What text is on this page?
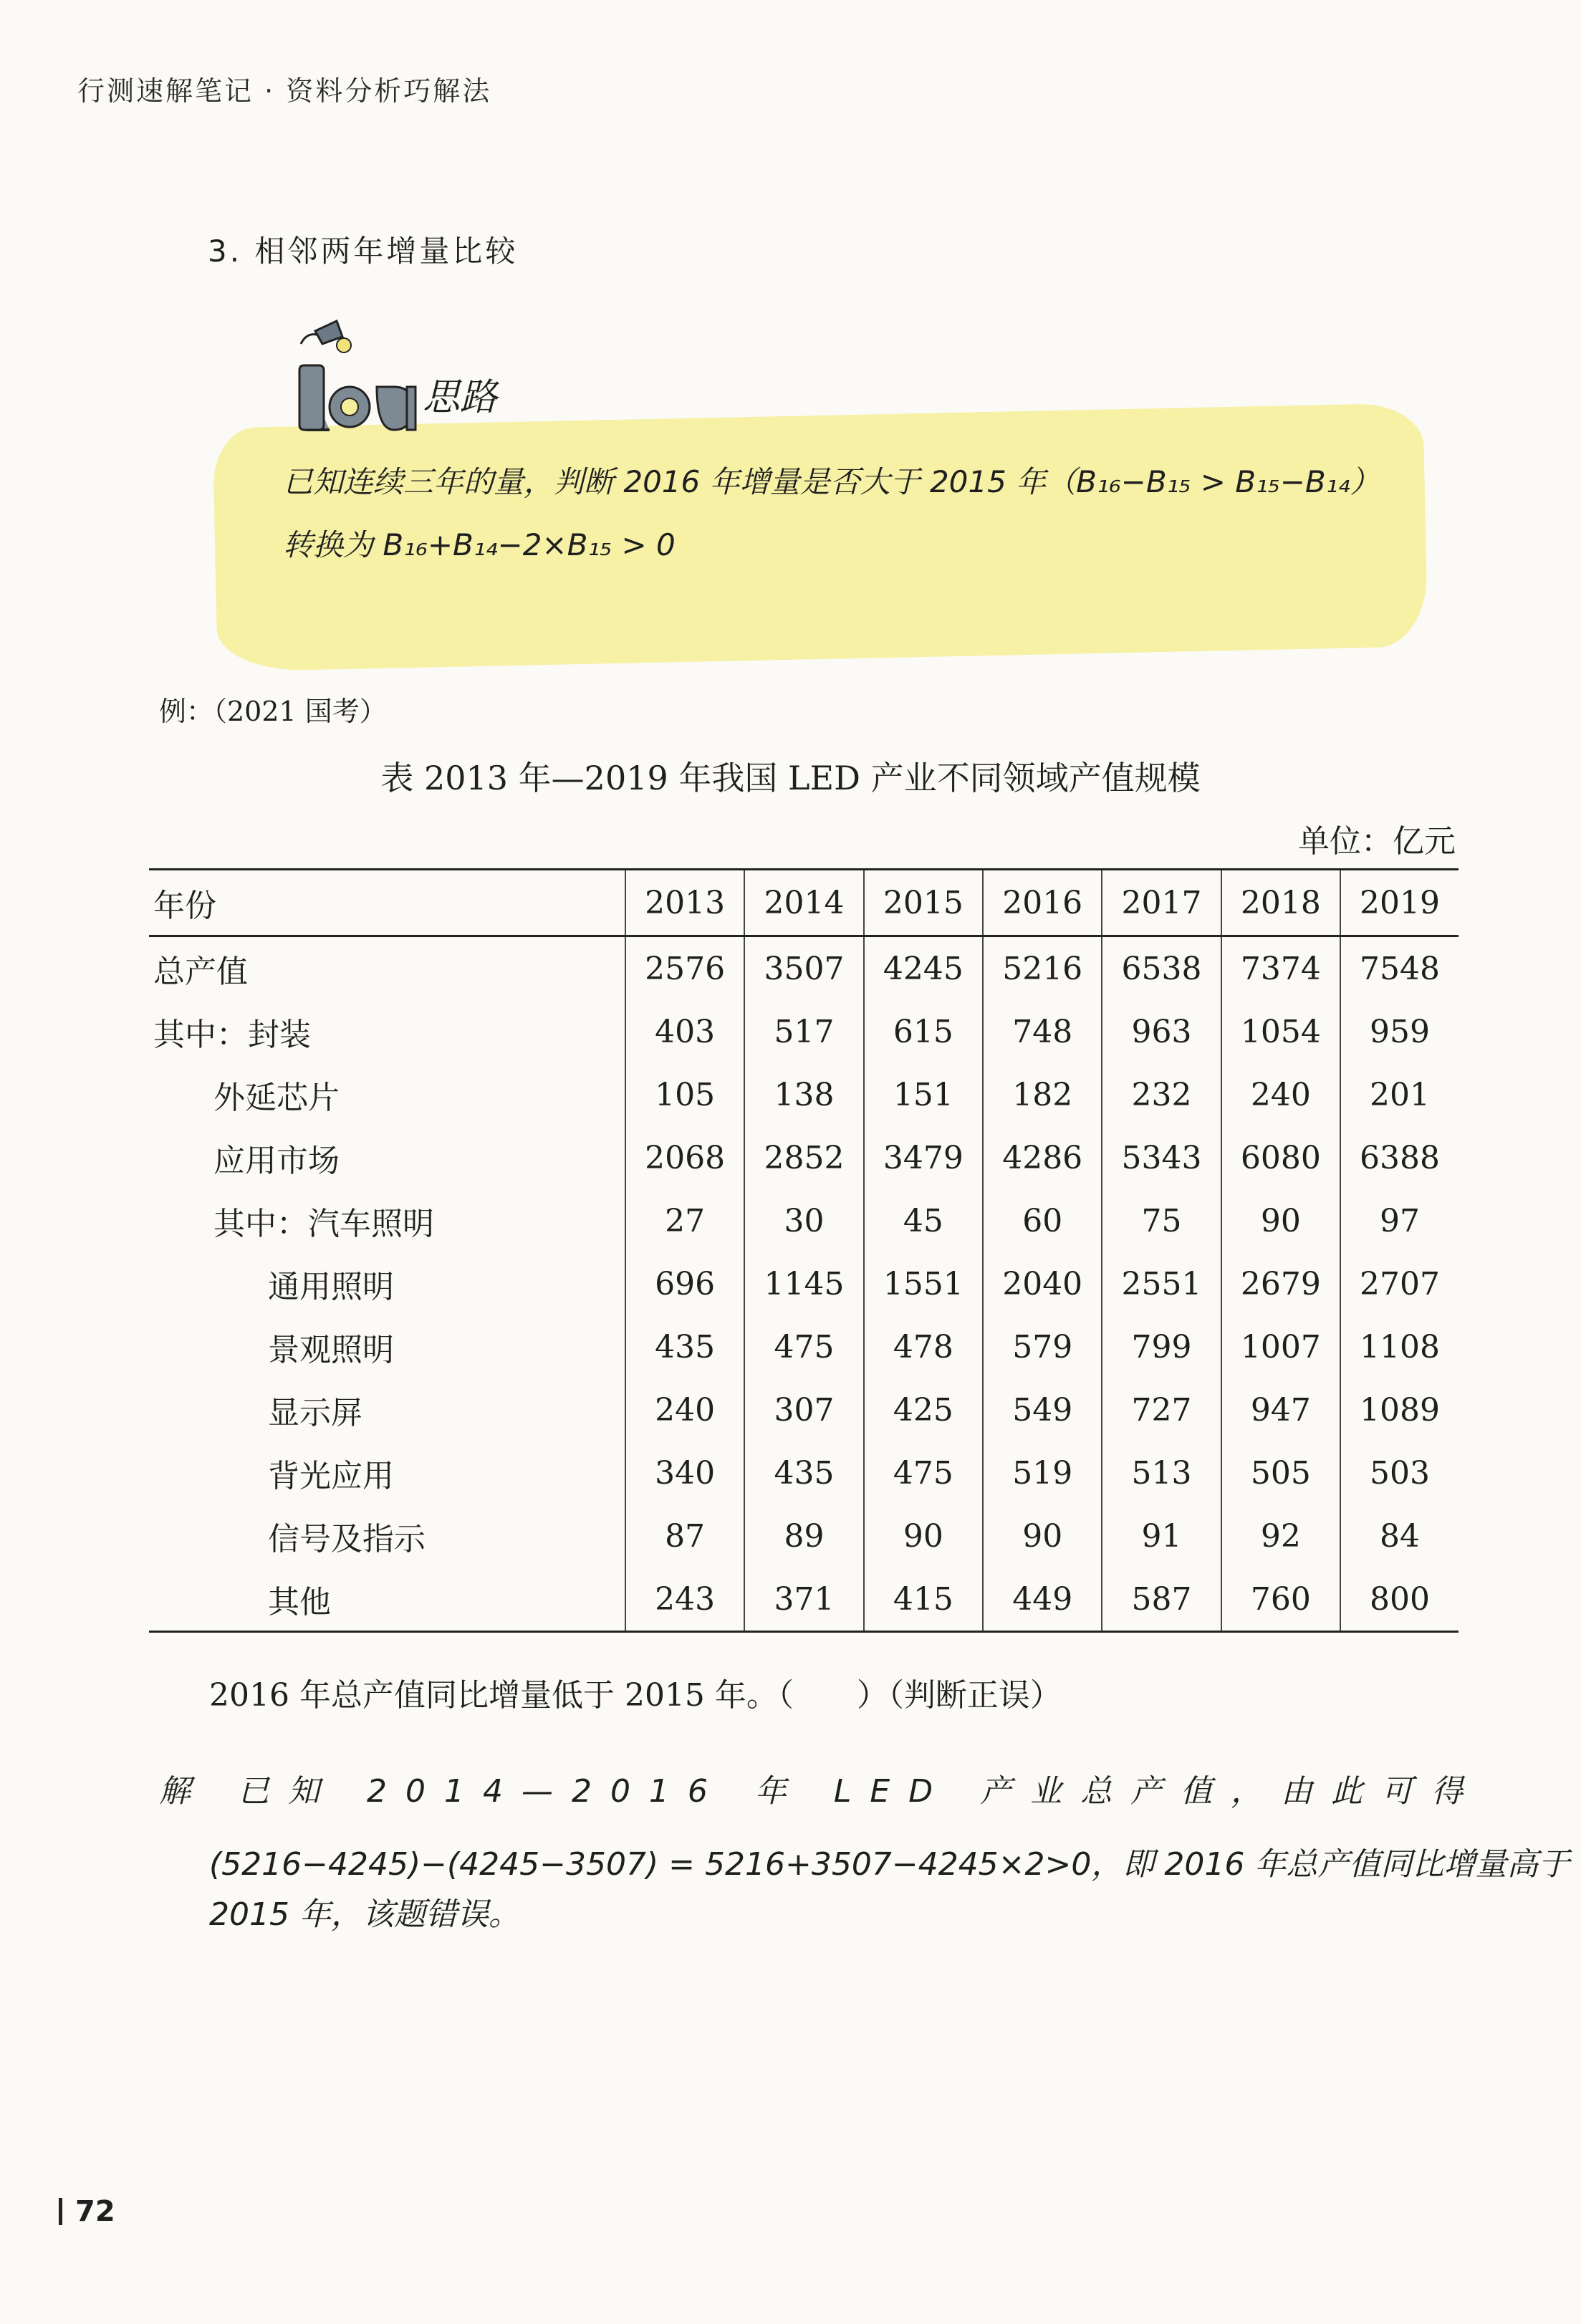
行测速解笔记 · 资料分析巧解法
3. 相邻两年增量比较
思路
已知连续三年的量，判断 2016 年增量是否大于 2015 年（B₁₆−B₁₅ > B₁₅−B₁₄）
转换为 B₁₆+B₁₄−2×B₁₅ > 0
例：（2021 国考）
表 2013 年—2019 年我国 LED 产业不同领域产值规模
单位：亿元
年份	2013	2014	2015	2016	2017	2018	2019
总产值	2576	3507	4245	5216	6538	7374	7548
其中：封装	403	517	615	748	963	1054	959
外延芯片	105	138	151	182	232	240	201
应用市场	2068	2852	3479	4286	5343	6080	6388
其中：汽车照明	27	30	45	60	75	90	97
通用照明	696	1145	1551	2040	2551	2679	2707
景观照明	435	475	478	579	799	1007	1108
显示屏	240	307	425	549	727	947	1089
背光应用	340	435	475	519	513	505	503
信号及指示	87	89	90	90	91	92	84
其他	243	371	415	449	587	760	800
2016 年总产值同比增量低于 2015 年。（　　）（判断正误）
解 已知 2014—2016 年 LED 产业总产值，由此可得
(5216−4245)−(4245−3507) = 5216+3507−4245×2>0，即 2016 年总产值同比增量高于
2015 年，该题错误。
72
